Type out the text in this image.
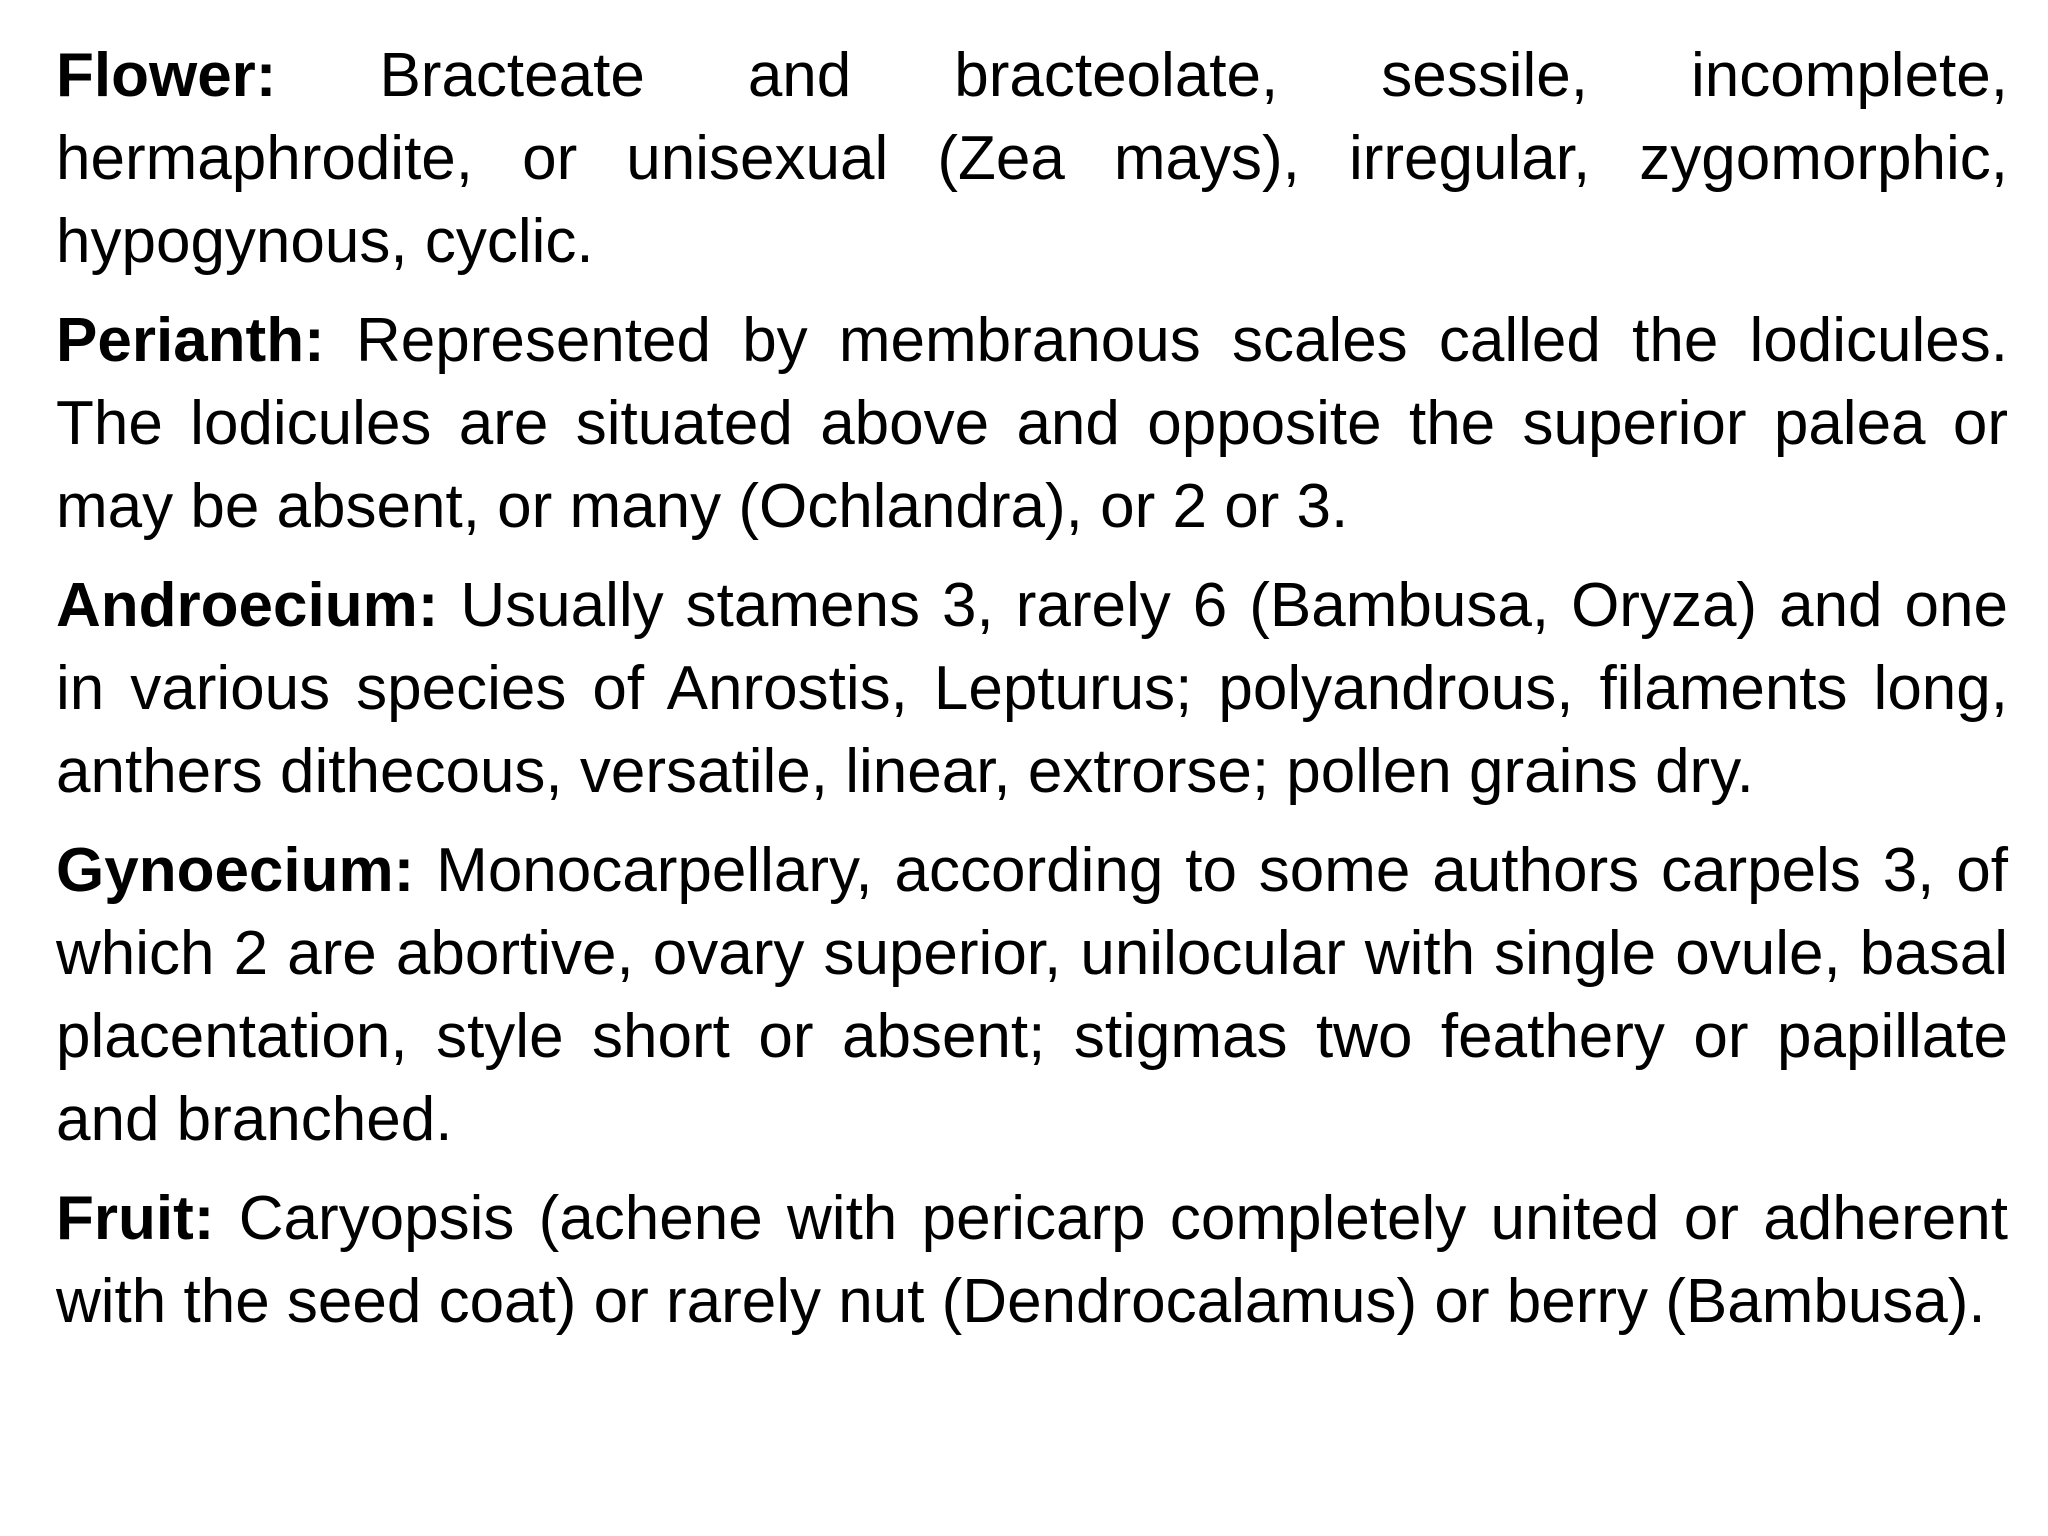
Flower: Bracteate and bracteolate, sessile, incomplete, hermaphrodite, or unisexual (Zea mays), irregular, zygomorphic, hypogynous, cyclic.

Perianth: Represented by membranous scales called the lodicules. The lodicules are situated above and opposite the superior palea or may be absent, or many (Ochlandra), or 2 or 3.

Androecium: Usually stamens 3, rarely 6 (Bambusa, Oryza) and one in various species of Anrostis, Lepturus; polyandrous, filaments long, anthers dithecous, versatile, linear, extrorse; pollen grains dry.

Gynoecium: Monocarpellary, according to some authors carpels 3, of which 2 are abortive, ovary superior, unilocular with single ovule, basal placentation, style short or absent; stigmas two feathery or papillate and branched.

Fruit: Caryopsis (achene with pericarp completely united or adherent with the seed coat) or rarely nut (Dendrocalamus) or berry (Bambusa).
